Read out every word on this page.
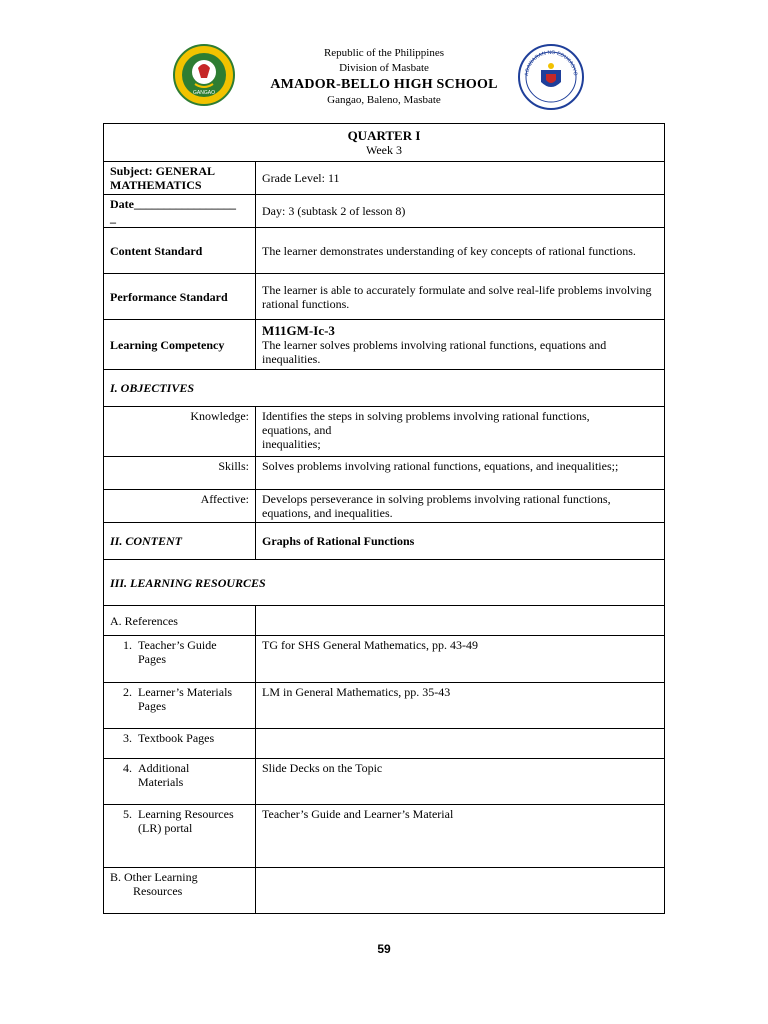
GANGAO
Republic of the Philippines
Division of Masbate
AMADOR-BELLO HIGH SCHOOL
Gangao, Baleno, Masbate
AGAWARAN NG EDUKASYO
QUARTER I
Week 3	

Subject: GENERAL MATHEMATICS	Grade Level: 11

Date_________________
_	Day: 3 (subtask 2 of lesson 8)
Content Standard	The learner demonstrates understanding of key concepts of rational functions.
Performance Standard	The learner is able to accurately formulate and solve real-life problems involving rational functions.
Learning Competency	M11GM-Ic-3
The learner solves problems involving rational functions, equations and inequalities.

I. OBJECTIVES	
Knowledge:	Identifies the steps in solving problems involving rational functions,
equations, and
inequalities;

Skills:	Solves problems involving rational functions, equations, and inequalities;;
Affective:	Develops perseverance in solving problems involving rational functions, equations, and inequalities.
II. CONTENT	Graphs of Rational Functions
III. LEARNING RESOURCES	
A. References	
1. Teacher’s Guide Pages	TG for SHS General Mathematics, pp. 43-49
2. Learner’s Materials Pages	LM in General Mathematics, pp. 35-43
3. Textbook Pages	
4. Additional Materials	Slide Decks on the Topic
5. Learning Resources (LR) portal	Teacher’s Guide and Learner’s Material

B. Other Learning
Resources	

59
